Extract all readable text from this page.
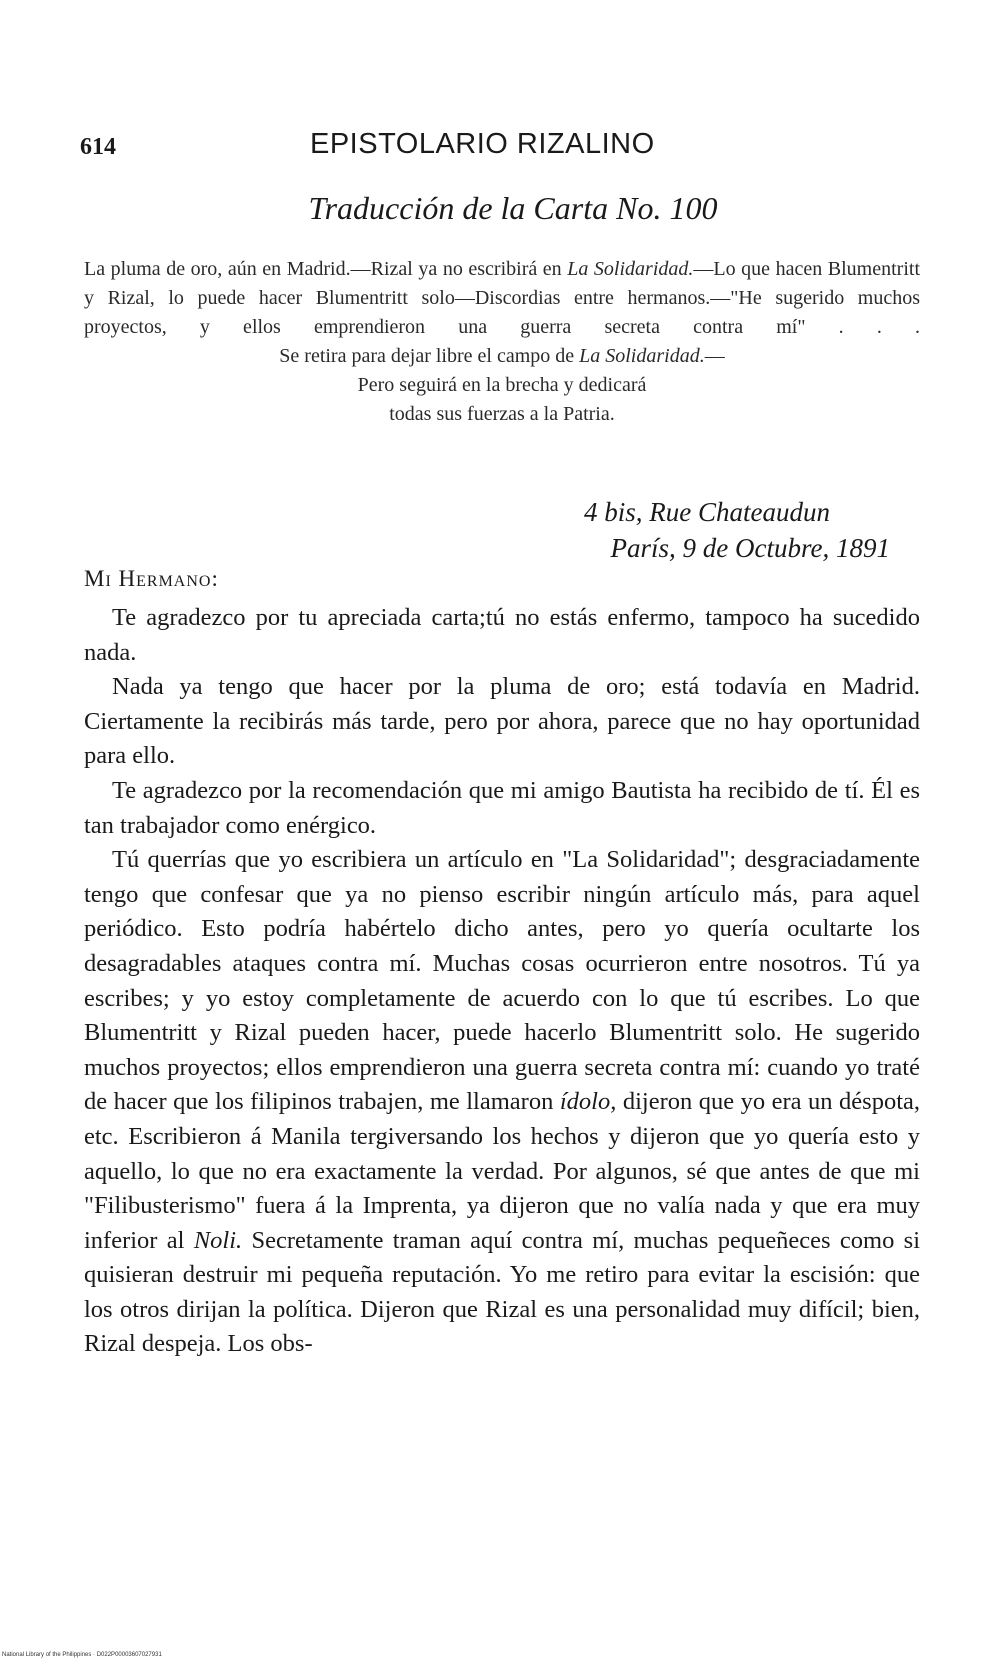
614	EPISTOLARIO RIZALINO
Traducción de la Carta No. 100

La pluma de oro, aún en Madrid.—Rizal ya no escribirá en La Solidaridad.—Lo que hacen Blumentritt y Rizal, lo puede hacer Blumentritt solo—Discordias entre hermanos.—"He sugerido muchos proyectos, y ellos emprendieron una guerra secreta contra mí" . . .

Se retira para dejar libre el campo de La Solidaridad.—

Pero seguirá en la brecha y dedicará todas sus fuerzas a la Patria.

4 bis, Rue Chateaudun
París, 9 de Octubre, 1891
Mi Hermano:

Te agradezco por tu apreciada carta;tú no estás enfermo, tampoco ha sucedido nada.

Nada ya tengo que hacer por la pluma de oro; está todavía en Madrid. Ciertamente la recibirás más tarde, pero por ahora, parece que no hay oportunidad para ello.

Te agradezco por la recomendación que mi amigo Bautista ha recibido de tí. Él es tan trabajador como enérgico.

Tú querrías que yo escribiera un artículo en "La Solidaridad"; desgraciadamente tengo que confesar que ya no pienso escribir ningún artículo más, para aquel periódico. Esto podría habértelo dicho antes, pero yo quería ocultarte los desagradables ataques contra mí. Muchas cosas ocurrieron entre nosotros. Tú ya escribes; y yo estoy completamente de acuerdo con lo que tú escribes. Lo que Blumentritt y Rizal pueden hacer, puede hacerlo Blumentritt solo. He sugerido muchos proyectos; ellos emprendieron una guerra secreta contra mí: cuando yo traté de hacer que los filipinos trabajen, me llamaron ídolo, dijeron que yo era un déspota, etc. Escribieron á Manila tergiversando los hechos y dijeron que yo quería esto y aquello, lo que no era exactamente la verdad. Por algunos, sé que antes de que mi "Filibusterismo" fuera á la Imprenta, ya dijeron que no valía nada y que era muy inferior al Noli. Secretamente traman aquí contra mí, muchas pequeñeces como si quisieran destruir mi pequeña reputación. Yo me retiro para evitar la escisión: que los otros dirijan la política. Dijeron que Rizal es una personalidad muy difícil; bien, Rizal despeja. Los obs-

National Library of the Philippines · D022P00003607027931
